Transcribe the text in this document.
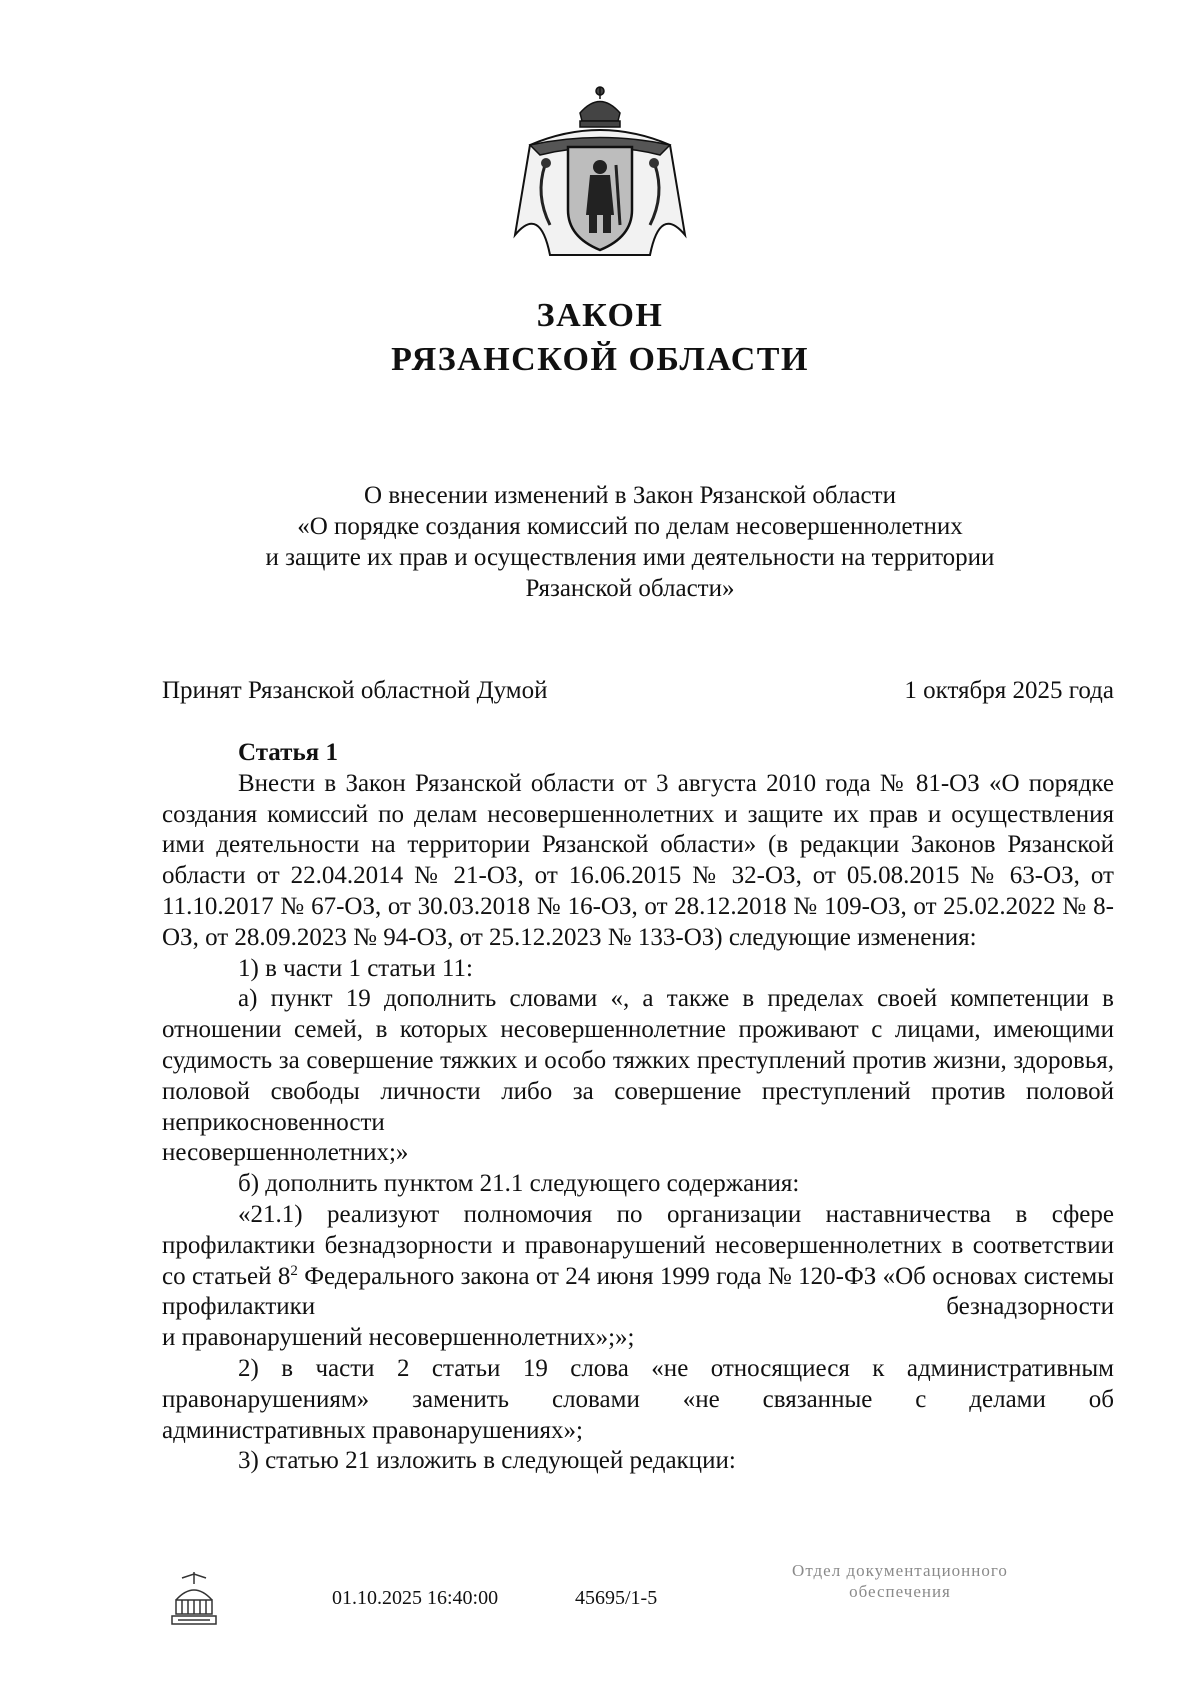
ЗАКОН
РЯЗАНСКОЙ ОБЛАСТИ
О внесении изменений в Закон Рязанской области
«О порядке создания комиссий по делам несовершеннолетних
и защите их прав и осуществления ими деятельности на территории
Рязанской области»
Принят Рязанской областной Думой	1 октября 2025 года

Статья 1

Внести в Закон Рязанской области от 3 августа 2010 года № 81-ОЗ «О порядке создания комиссий по делам несовершеннолетних и защите их прав и осуществления ими деятельности на территории Рязанской области» (в редакции Законов Рязанской области от 22.04.2014 № 21-ОЗ, от 16.06.2015 № 32-ОЗ, от 05.08.2015 № 63-ОЗ, от 11.10.2017 № 67-ОЗ, от 30.03.2018 № 16-ОЗ, от 28.12.2018 № 109-ОЗ, от 25.02.2022 № 8-ОЗ, от 28.09.2023 № 94-ОЗ, от 25.12.2023 № 133-ОЗ) следующие изменения:

1) в части 1 статьи 11:

а) пункт 19 дополнить словами «, а также в пределах своей компетенции в отношении семей, в которых несовершеннолетние проживают с лицами, имеющими судимость за совершение тяжких и особо тяжких преступлений против жизни, здоровья, половой свободы личности либо за совершение преступлений против половой неприкосновенности

несовершеннолетних;»

б) дополнить пунктом 21.1 следующего содержания:

«21.1) реализуют полномочия по организации наставничества в сфере профилактики безнадзорности и правонарушений несовершеннолетних в соответствии со статьей $8^2$ Федерального закона от 24 июня 1999 года № 120-ФЗ «Об основах системы профилактики безнадзорности

и правонарушений несовершеннолетних»;»;

2) в части 2 статьи 19 слова «не относящиеся к административным правонарушениям» заменить словами «не связанные с делами об

административных правонарушениях»;

3) статью 21 изложить в следующей редакции:

01.10.2025 16:40:00	45695/1-5
Отдел документационного
обеспечения
